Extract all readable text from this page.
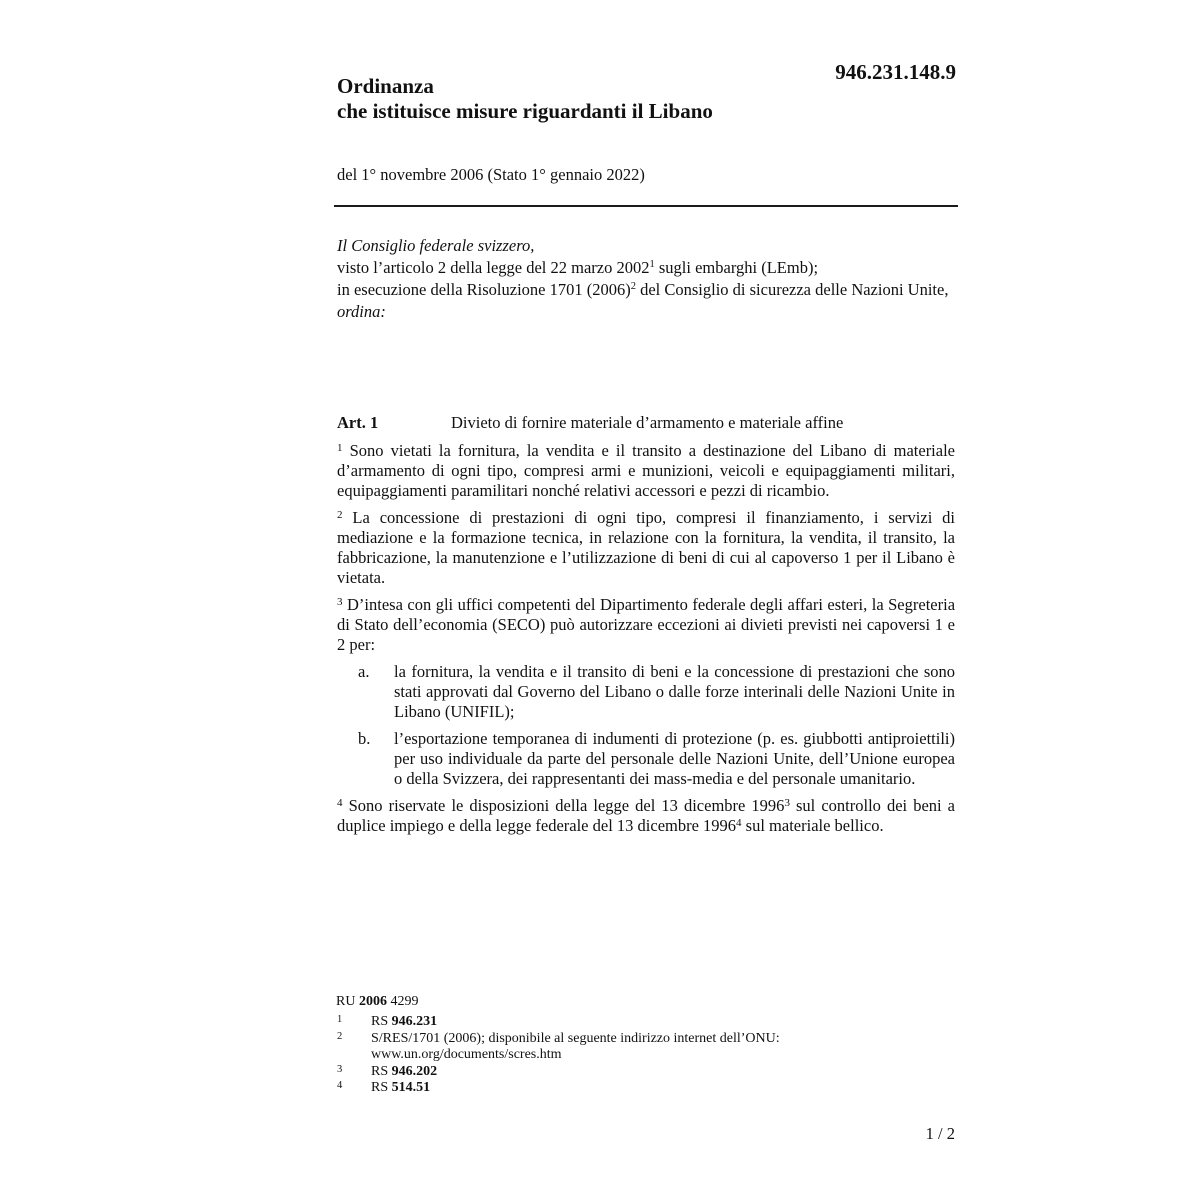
946.231.148.9
Ordinanza
che istituisce misure riguardanti il Libano
del 1° novembre 2006 (Stato 1° gennaio 2022)
Il Consiglio federale svizzero,
visto l’articolo 2 della legge del 22 marzo 2002$^1$ sugli embarghi (LEmb);
in esecuzione della Risoluzione 1701 (2006)$^2$ del Consiglio di sicurezza delle Nazioni Unite,
ordina:
Art. 1	Divieto di fornire materiale d’armamento e materiale affine
$^1$ Sono vietati la fornitura, la vendita e il transito a destinazione del Libano di materiale d’armamento di ogni tipo, compresi armi e munizioni, veicoli e equipaggiamenti militari, equipaggiamenti paramilitari nonché relativi accessori e pezzi di ricambio.
$^2$ La concessione di prestazioni di ogni tipo, compresi il finanziamento, i servizi di mediazione e la formazione tecnica, in relazione con la fornitura, la vendita, il transito, la fabbricazione, la manutenzione e l’utilizzazione di beni di cui al capoverso 1 per il Libano è vietata.
$^3$ D’intesa con gli uffici competenti del Dipartimento federale degli affari esteri, la Segreteria di Stato dell’economia (SECO) può autorizzare eccezioni ai divieti previsti nei capoversi 1 e 2 per:
a. la fornitura, la vendita e il transito di beni e la concessione di prestazioni che sono stati approvati dal Governo del Libano o dalle forze interinali delle Nazioni Unite in Libano (UNIFIL);
b. l’esportazione temporanea di indumenti di protezione (p. es. giubbotti antiproiettili) per uso individuale da parte del personale delle Nazioni Unite, dell’Unione europea o della Svizzera, dei rappresentanti dei mass-media e del personale umanitario.
$^4$ Sono riservate le disposizioni della legge del 13 dicembre 1996$^3$ sul controllo dei beni a duplice impiego e della legge federale del 13 dicembre 1996$^4$ sul materiale bellico.
RU 2006 4299
1 RS 946.231
2 S/RES/1701 (2006); disponibile al seguente indirizzo internet dell’ONU: www.un.org/documents/scres.htm
3 RS 946.202
4 RS 514.51
1 / 2
